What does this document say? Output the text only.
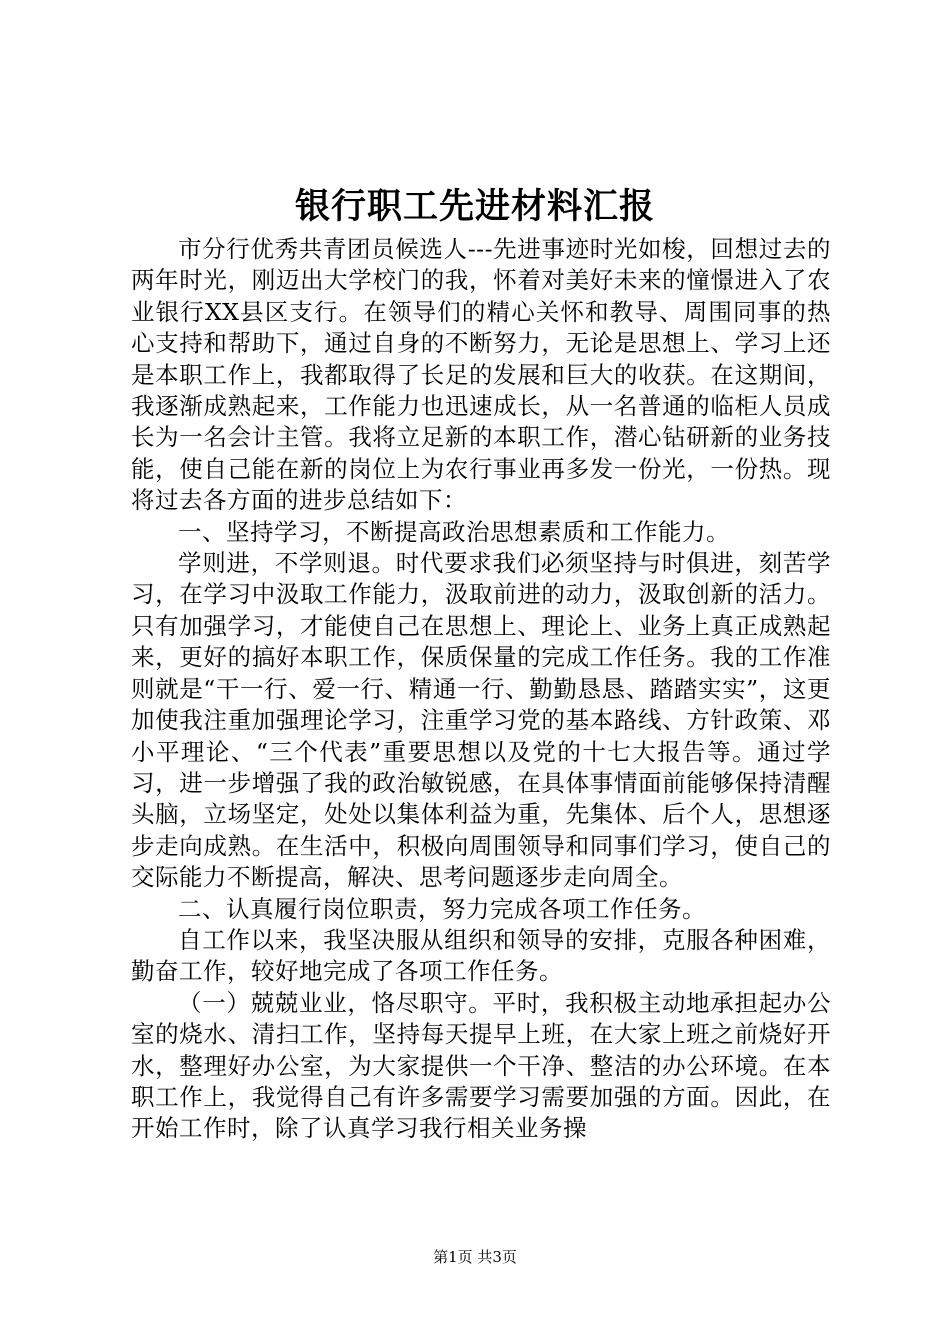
银行职工先进材料汇报

市分行优秀共青团员候选人---先进事迹时光如梭，回想过去的两年时光，刚迈出大学校门的我，怀着对美好未来的憧憬进入了农业银行XX县区支行。在领导们的精心关怀和教导、周围同事的热心支持和帮助下，通过自身的不断努力，无论是思想上、学习上还是本职工作上，我都取得了长足的发展和巨大的收获。在这期间，我逐渐成熟起来，工作能力也迅速成长，从一名普通的临柜人员成长为一名会计主管。我将立足新的本职工作，潜心钻研新的业务技能，使自己能在新的岗位上为农行事业再多发一份光，一份热。现将过去各方面的进步总结如下：

一、坚持学习，不断提高政治思想素质和工作能力。

学则进，不学则退。时代要求我们必须坚持与时俱进，刻苦学习，在学习中汲取工作能力，汲取前进的动力，汲取创新的活力。只有加强学习，才能使自己在思想上、理论上、业务上真正成熟起来，更好的搞好本职工作，保质保量的完成工作任务。我的工作准则就是“干一行、爱一行、精通一行、勤勤恳恳、踏踏实实”，这更加使我注重加强理论学习，注重学习党的基本路线、方针政策、邓小平理论、“三个代表”重要思想以及党的十七大报告等。通过学习，进一步增强了我的政治敏锐感，在具体事情面前能够保持清醒头脑，立场坚定，处处以集体利益为重，先集体、后个人，思想逐步走向成熟。在生活中，积极向周围领导和同事们学习，使自己的交际能力不断提高，解决、思考问题逐步走向周全。

二、认真履行岗位职责，努力完成各项工作任务。

自工作以来，我坚决服从组织和领导的安排，克服各种困难，勤奋工作，较好地完成了各项工作任务。

（一）兢兢业业，恪尽职守。平时，我积极主动地承担起办公室的烧水、清扫工作，坚持每天提早上班，在大家上班之前烧好开水，整理好办公室，为大家提供一个干净、整洁的办公环境。在本职工作上，我觉得自己有许多需要学习需要加强的方面。因此，在开始工作时，除了认真学习我行相关业务操

第1页 共3页
